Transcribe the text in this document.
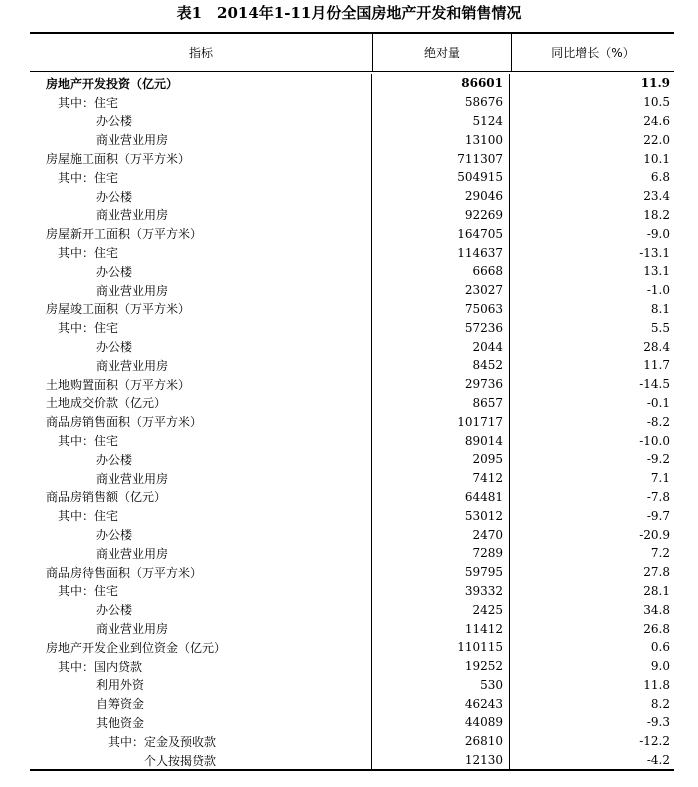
表1　2014年1-11月份全国房地产开发和销售情况
指标	绝对量	同比增长（%）
房地产开发投资（亿元）	86601	11.9
其中：住宅	58676	10.5
办公楼	5124	24.6
商业营业用房	13100	22.0
房屋施工面积（万平方米）	711307	10.1
其中：住宅	504915	6.8
办公楼	29046	23.4
商业营业用房	92269	18.2
房屋新开工面积（万平方米）	164705	-9.0
其中：住宅	114637	-13.1
办公楼	6668	13.1
商业营业用房	23027	-1.0
房屋竣工面积（万平方米）	75063	8.1
其中：住宅	57236	5.5
办公楼	2044	28.4
商业营业用房	8452	11.7
土地购置面积（万平方米）	29736	-14.5
土地成交价款（亿元）	8657	-0.1
商品房销售面积（万平方米）	101717	-8.2
其中：住宅	89014	-10.0
办公楼	2095	-9.2
商业营业用房	7412	7.1
商品房销售额（亿元）	64481	-7.8
其中：住宅	53012	-9.7
办公楼	2470	-20.9
商业营业用房	7289	7.2
商品房待售面积（万平方米）	59795	27.8
其中：住宅	39332	28.1
办公楼	2425	34.8
商业营业用房	11412	26.8
房地产开发企业到位资金（亿元）	110115	0.6
其中：国内贷款	19252	9.0
利用外资	530	11.8
自筹资金	46243	8.2
其他资金	44089	-9.3
其中：定金及预收款	26810	-12.2
个人按揭贷款	12130	-4.2
